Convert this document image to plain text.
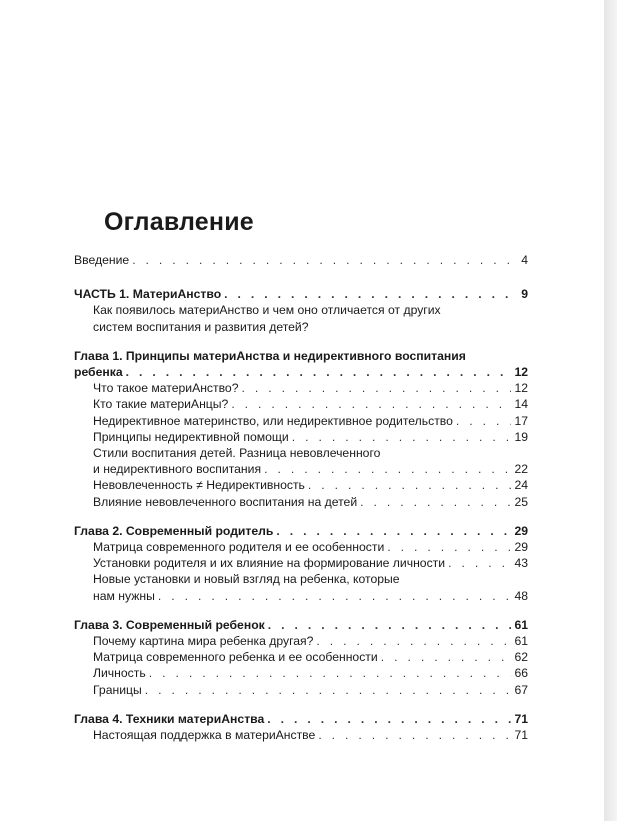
Оглавление
Введение . . .	4
ЧАСТЬ 1. МатериАнство . . .	9
Как появилось материАнство и чем оно отличается от других
систем воспитания и развития детей?
Глава 1. Принципы материАнства и недирективного воспитания
ребенка . . .	12
Что такое материАнство? . . .	12
Кто такие материАнцы? . . .	14
Недирективное материнство, или недирективное родительство . . .	17
Принципы недирективной помощи . . .	19
Стили воспитания детей. Разница невовлеченного
и недирективного воспитания . . .	22
Невовлеченность ≠ Недирективность . . .	24
Влияние невовлеченного воспитания на детей . . .	25
Глава 2. Современный родитель . . .	29
Матрица современного родителя и ее особенности . . .	29
Установки родителя и их влияние на формирование личности . . .	43
Новые установки и новый взгляд на ребенка, которые
нам нужны . . .	48
Глава 3. Современный ребенок . . .	61
Почему картина мира ребенка другая? . . .	61
Матрица современного ребенка и ее особенности . . .	62
Личность . . .	66
Границы . . .	67
Глава 4. Техники материАнства . . .	71
Настоящая поддержка в материАнстве . . .	71
